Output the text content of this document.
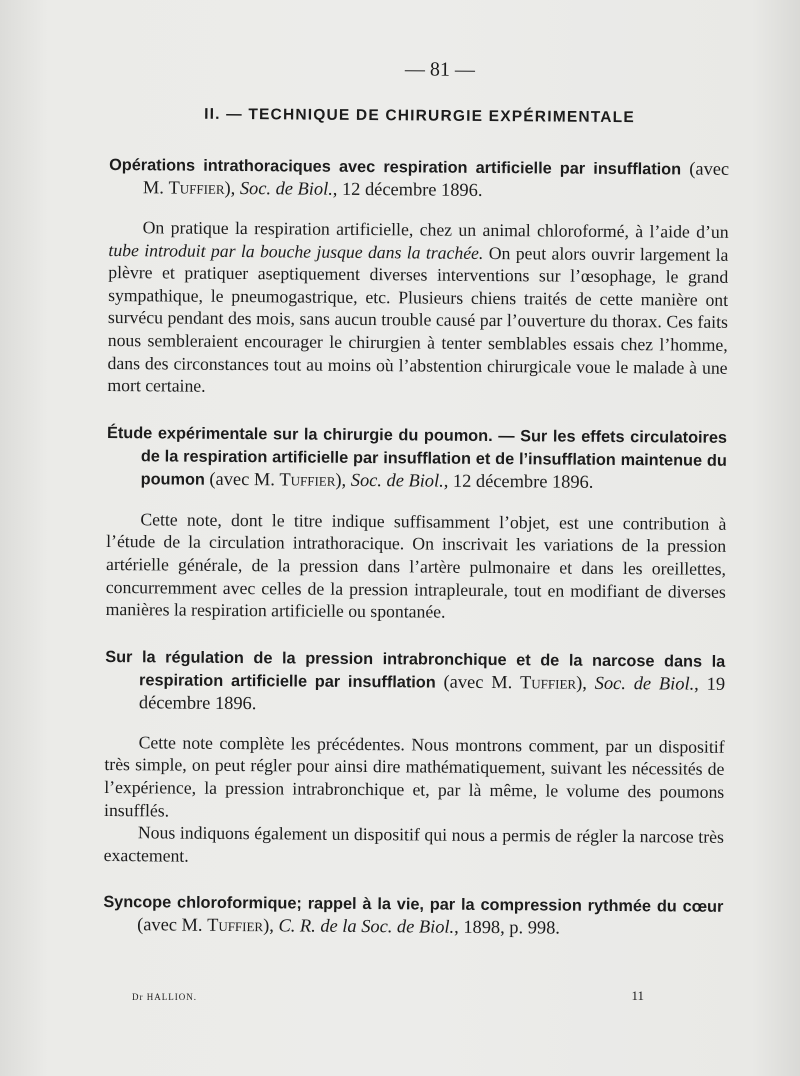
— 81 —
II. — TECHNIQUE DE CHIRURGIE EXPÉRIMENTALE
Opérations intrathoraciques avec respiration artificielle par insufflation (avec M. Tuffier), Soc. de Biol., 12 décembre 1896.

On pratique la respiration artificielle, chez un animal chloroformé, à l’aide d’un tube introduit par la bouche jusque dans la trachée. On peut alors ouvrir largement la plèvre et pratiquer aseptiquement diverses interventions sur l’œsophage, le grand sympathique, le pneumogastrique, etc. Plusieurs chiens traités de cette manière ont survécu pendant des mois, sans aucun trouble causé par l’ouverture du thorax. Ces faits nous sembleraient encourager le chirurgien à tenter semblables essais chez l’homme, dans des circonstances tout au moins où l’abstention chirurgicale voue le malade à une mort certaine.

Étude expérimentale sur la chirurgie du poumon. — Sur les effets circulatoires de la respiration artificielle par insufflation et de l’insufflation maintenue du poumon (avec M. Tuffier), Soc. de Biol., 12 décembre 1896.

Cette note, dont le titre indique suffisamment l’objet, est une contribution à l’étude de la circulation intrathoracique. On inscrivait les variations de la pression artérielle générale, de la pression dans l’artère pulmonaire et dans les oreillettes, concurremment avec celles de la pression intrapleurale, tout en modifiant de diverses manières la respiration artificielle ou spontanée.

Sur la régulation de la pression intrabronchique et de la narcose dans la respiration artificielle par insufflation (avec M. Tuffier), Soc. de Biol., 19 décembre 1896.

Cette note complète les précédentes. Nous montrons comment, par un dispositif très simple, on peut régler pour ainsi dire mathématiquement, suivant les nécessités de l’expérience, la pression intrabronchique et, par là même, le volume des poumons insufflés.

Nous indiquons également un dispositif qui nous a permis de régler la narcose très exactement.

Syncope chloroformique; rappel à la vie, par la compression rythmée du cœur (avec M. Tuffier), C. R. de la Soc. de Biol., 1898, p. 998.
Dr HALLION.	11
